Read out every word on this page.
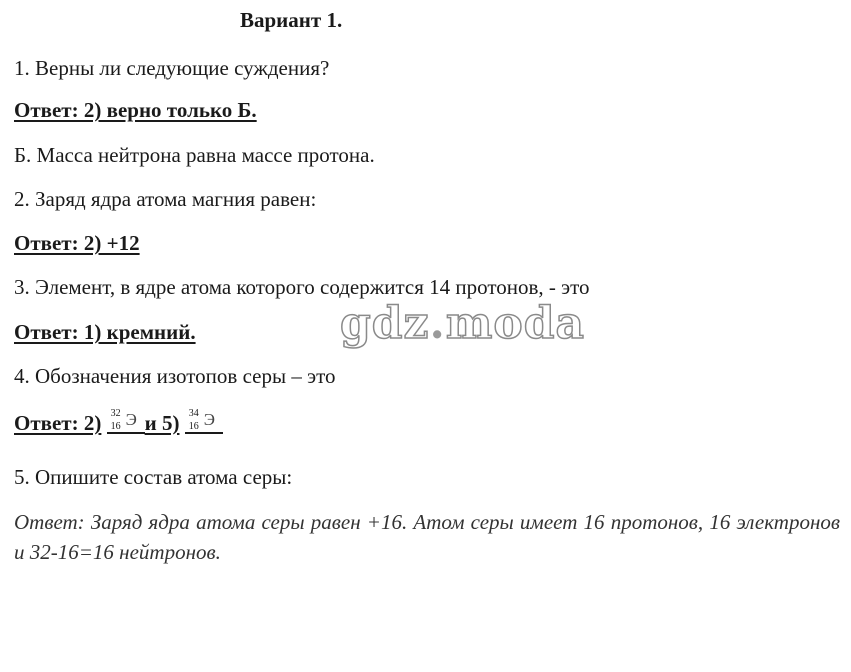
Вариант 1.
1. Верны ли следующие суждения?
Ответ: 2) верно только Б.
Б. Масса нейтрона равна массе протона.
2. Заряд ядра атома магния равен:
Ответ: 2) +12
3. Элемент, в ядре атома которого содержится 14 протонов, - это
Ответ: 1) кремний.
4. Обозначения изотопов серы – это
Ответ: 2) 32
16 Э и 5) 34
16 Э
5. Опишите состав атома серы:
Ответ: Заряд ядра атома серы равен +16. Атом серы имеет 16 протонов, 16 электронов и 32-16=16 нейтронов.
gdz.moda
